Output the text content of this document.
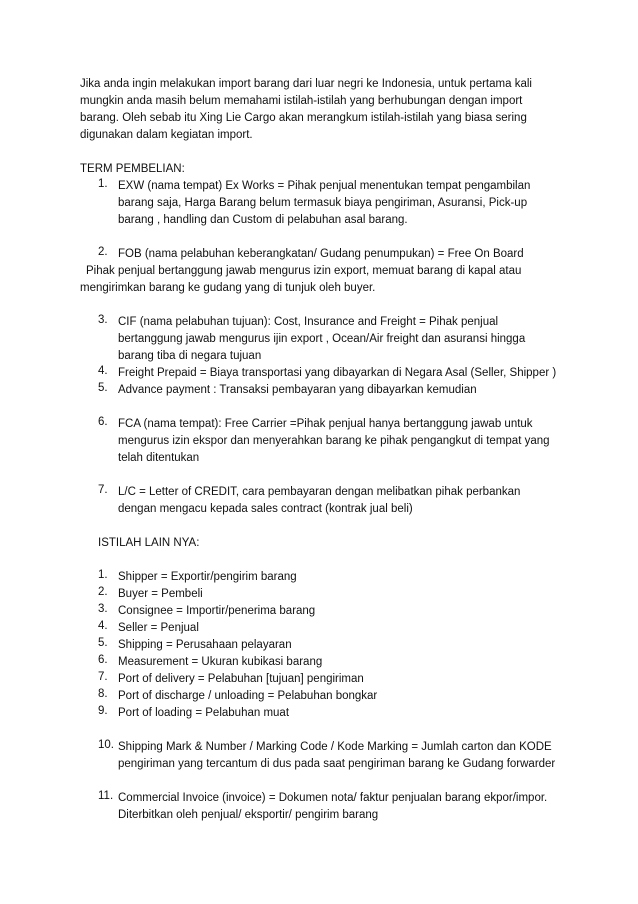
Jika anda ingin melakukan import barang dari luar negri ke Indonesia, untuk pertama kali

mungkin anda masih belum memahami istilah-istilah yang berhubungan dengan import

barang. Oleh sebab itu Xing Lie Cargo akan merangkum istilah-istilah yang biasa sering

digunakan dalam kegiatan import.

TERM PEMBELIAN:

1. EXW (nama tempat) Ex Works = Pihak penjual menentukan tempat pengambilan

barang saja, Harga Barang belum termasuk biaya pengiriman, Asuransi, Pick-up

barang , handling dan Custom di pelabuhan asal barang.

2. FOB (nama pelabuhan keberangkatan/ Gudang penumpukan) = Free On Board

Pihak penjual bertanggung jawab mengurus izin export, memuat barang di kapal atau

mengirimkan barang ke gudang yang di tunjuk oleh buyer.

3. CIF (nama pelabuhan tujuan): Cost, Insurance and Freight = Pihak penjual

bertanggung jawab mengurus ijin export , Ocean/Air freight dan asuransi hingga

barang tiba di negara tujuan

4. Freight Prepaid = Biaya transportasi yang dibayarkan di Negara Asal (Seller, Shipper )

5. Advance payment : Transaksi pembayaran yang dibayarkan kemudian

6. FCA (nama tempat): Free Carrier =Pihak penjual hanya bertanggung jawab untuk

mengurus izin ekspor dan menyerahkan barang ke pihak pengangkut di tempat yang

telah ditentukan

7. L/C = Letter of CREDIT, cara pembayaran dengan melibatkan pihak perbankan

dengan mengacu kepada sales contract (kontrak jual beli)

ISTILAH LAIN NYA:

1. Shipper = Exportir/pengirim barang

2. Buyer = Pembeli

3. Consignee = Importir/penerima barang

4. Seller = Penjual

5. Shipping = Perusahaan pelayaran

6. Measurement = Ukuran kubikasi barang

7. Port of delivery = Pelabuhan [tujuan] pengiriman

8. Port of discharge / unloading = Pelabuhan bongkar

9. Port of loading = Pelabuhan muat

10. Shipping Mark & Number / Marking Code / Kode Marking = Jumlah carton dan KODE

pengiriman yang tercantum di dus pada saat pengiriman barang ke Gudang forwarder

11. Commercial Invoice (invoice) = Dokumen nota/ faktur penjualan barang ekpor/impor.

Diterbitkan oleh penjual/ eksportir/ pengirim barang
